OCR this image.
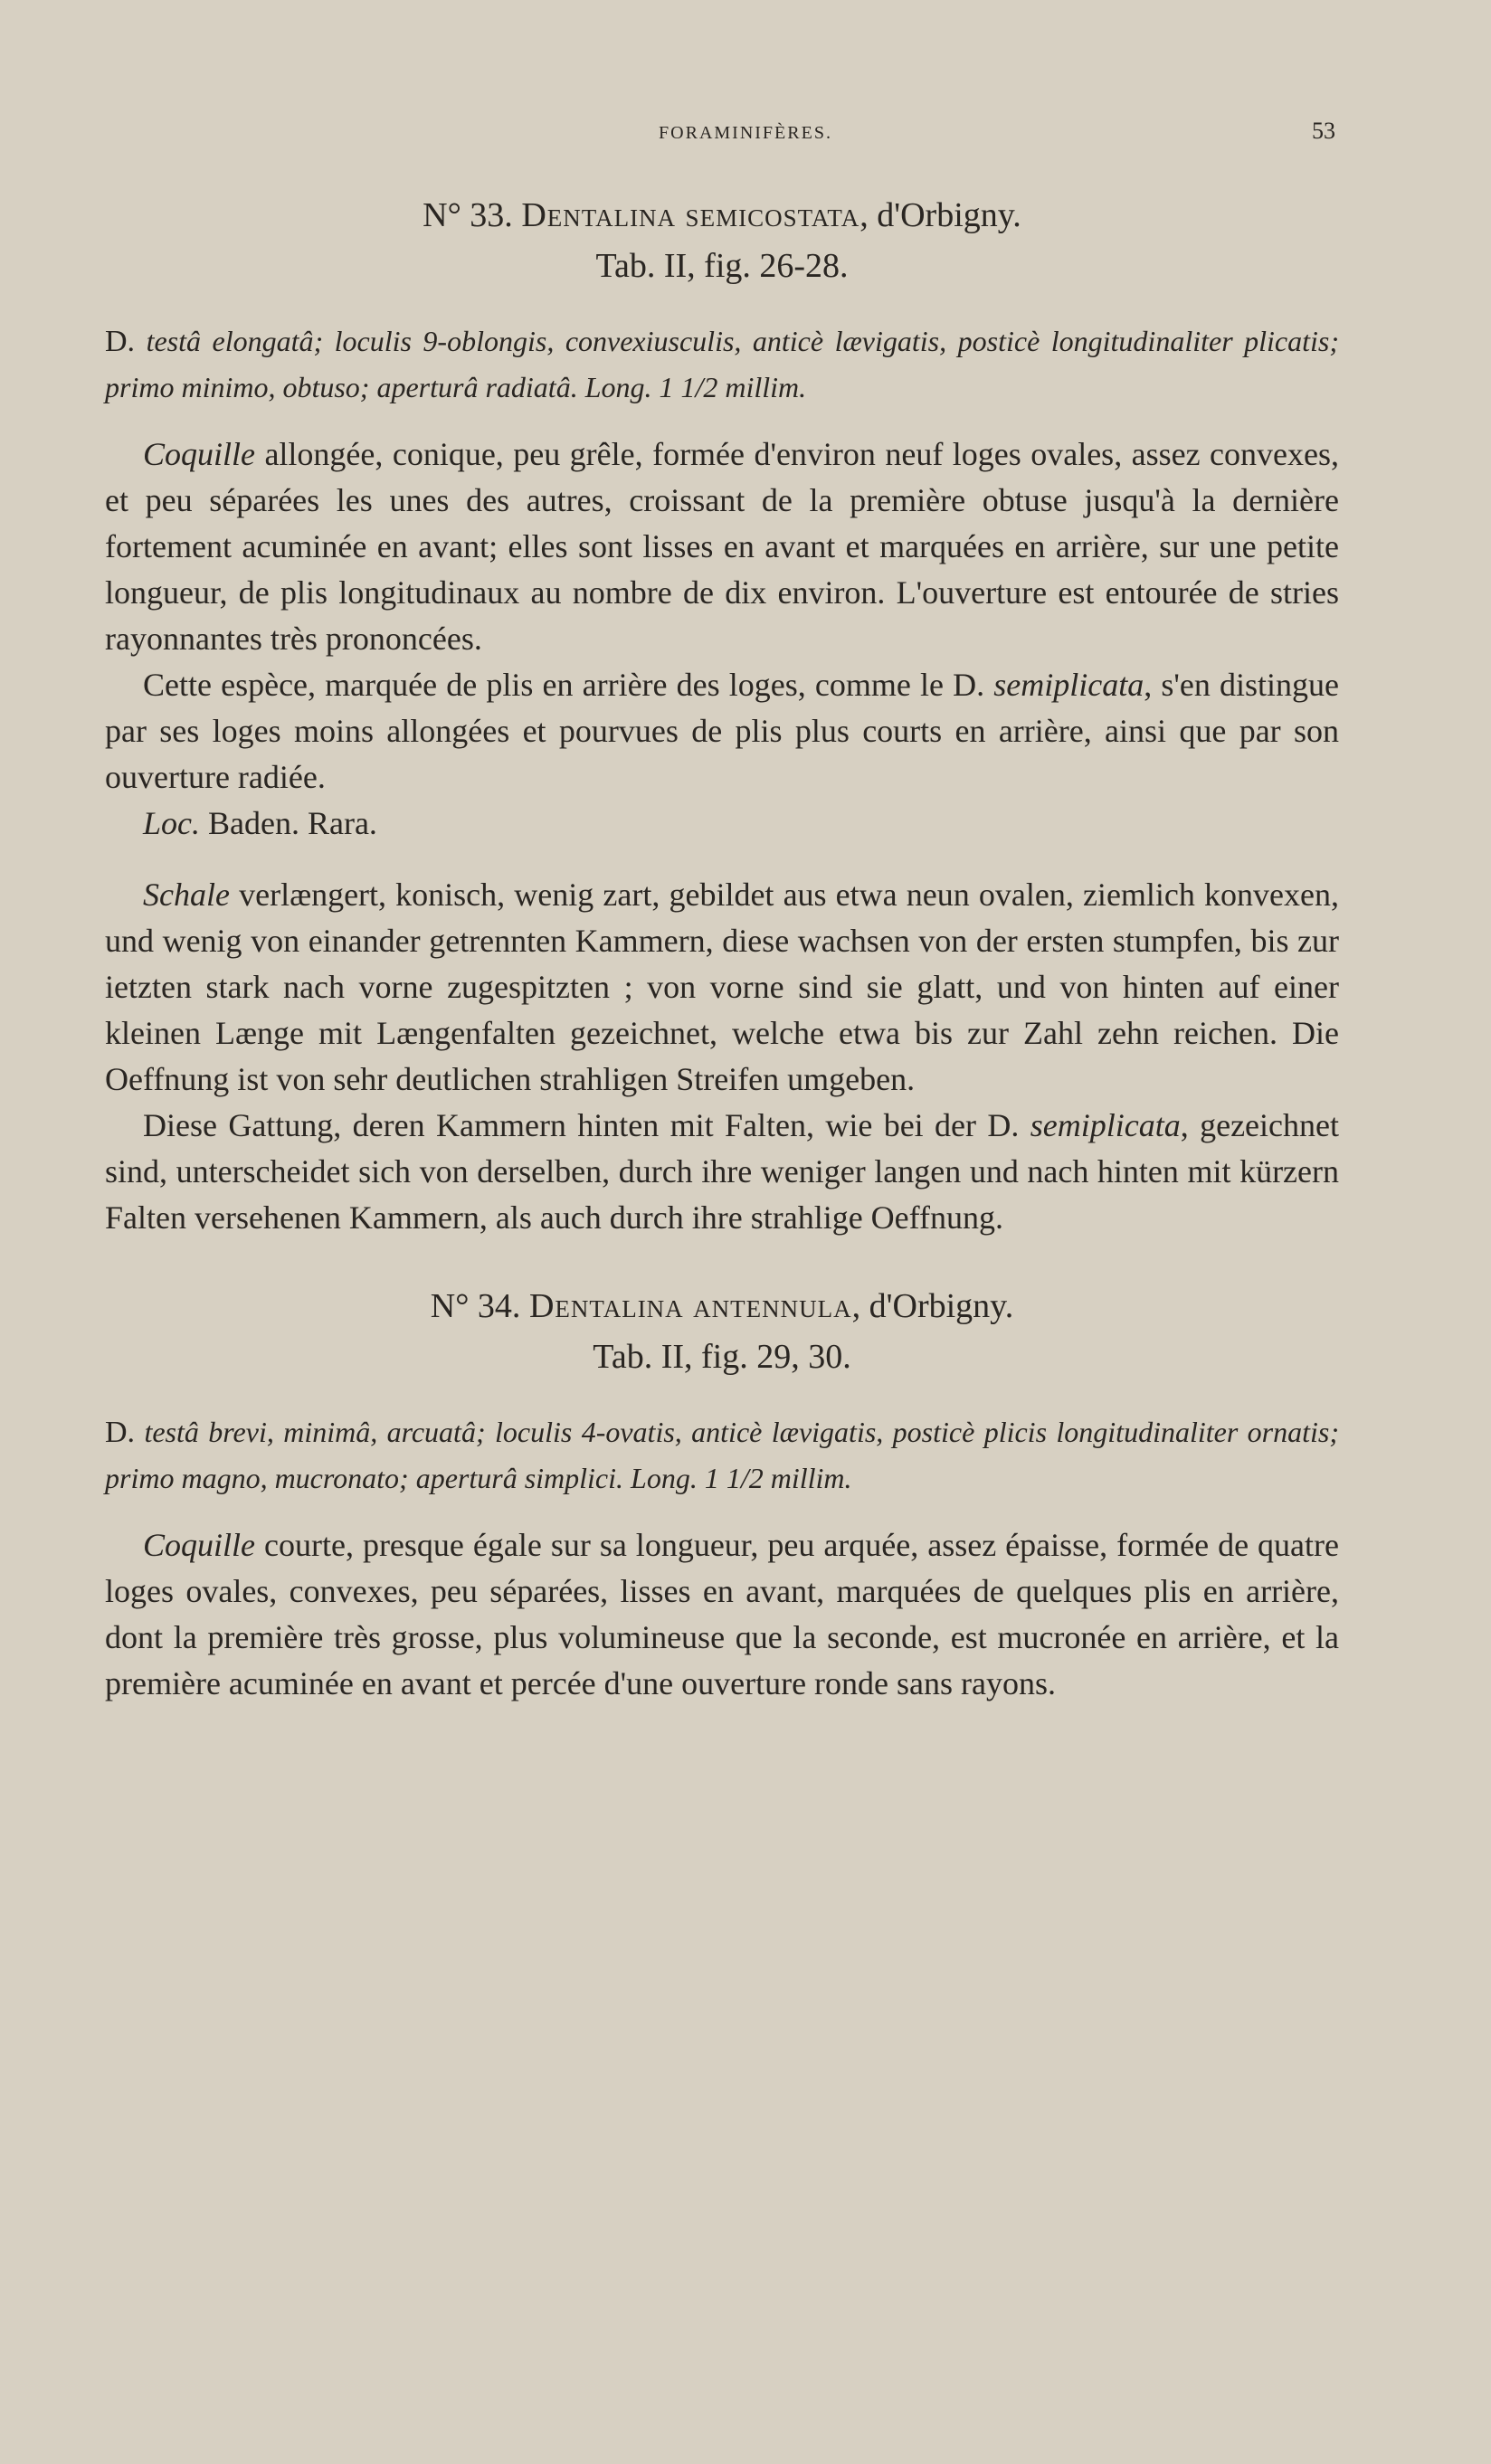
FORAMINIFÈRES.	53
N° 33. Dentalina semicostata, d'Orbigny.
Tab. II, fig. 26-28.

D. testâ elongatâ; loculis 9-oblongis, convexiusculis, anticè lævigatis, posticè longitudinaliter plicatis; primo minimo, obtuso; aperturâ radiatâ. Long. 1 1/2 millim.

Coquille allongée, conique, peu grêle, formée d'environ neuf loges ovales, assez convexes, et peu séparées les unes des autres, croissant de la première obtuse jusqu'à la dernière fortement acuminée en avant; elles sont lisses en avant et marquées en arrière, sur une petite longueur, de plis longitudinaux au nombre de dix environ. L'ouverture est entourée de stries rayonnantes très prononcées.

Cette espèce, marquée de plis en arrière des loges, comme le D. semiplicata, s'en distingue par ses loges moins allongées et pourvues de plis plus courts en arrière, ainsi que par son ouverture radiée.

Loc. Baden. Rara.

Schale verlængert, konisch, wenig zart, gebildet aus etwa neun ovalen, ziemlich konvexen, und wenig von einander getrennten Kammern, diese wachsen von der ersten stumpfen, bis zur ietzten stark nach vorne zugespitzten ; von vorne sind sie glatt, und von hinten auf einer kleinen Længe mit Længenfalten gezeichnet, welche etwa bis zur Zahl zehn reichen. Die Oeffnung ist von sehr deutlichen strahligen Streifen umgeben.

Diese Gattung, deren Kammern hinten mit Falten, wie bei der D. semiplicata, gezeichnet sind, unterscheidet sich von derselben, durch ihre weniger langen und nach hinten mit kürzern Falten versehenen Kammern, als auch durch ihre strahlige Oeffnung.

N° 34. Dentalina antennula, d'Orbigny.
Tab. II, fig. 29, 30.

D. testâ brevi, minimâ, arcuatâ; loculis 4-ovatis, anticè lævigatis, posticè plicis longitudinaliter ornatis; primo magno, mucronato; aperturâ simplici. Long. 1 1/2 millim.

Coquille courte, presque égale sur sa longueur, peu arquée, assez épaisse, formée de quatre loges ovales, convexes, peu séparées, lisses en avant, marquées de quelques plis en arrière, dont la première très grosse, plus volumineuse que la seconde, est mucronée en arrière, et la première acuminée en avant et percée d'une ouverture ronde sans rayons.
